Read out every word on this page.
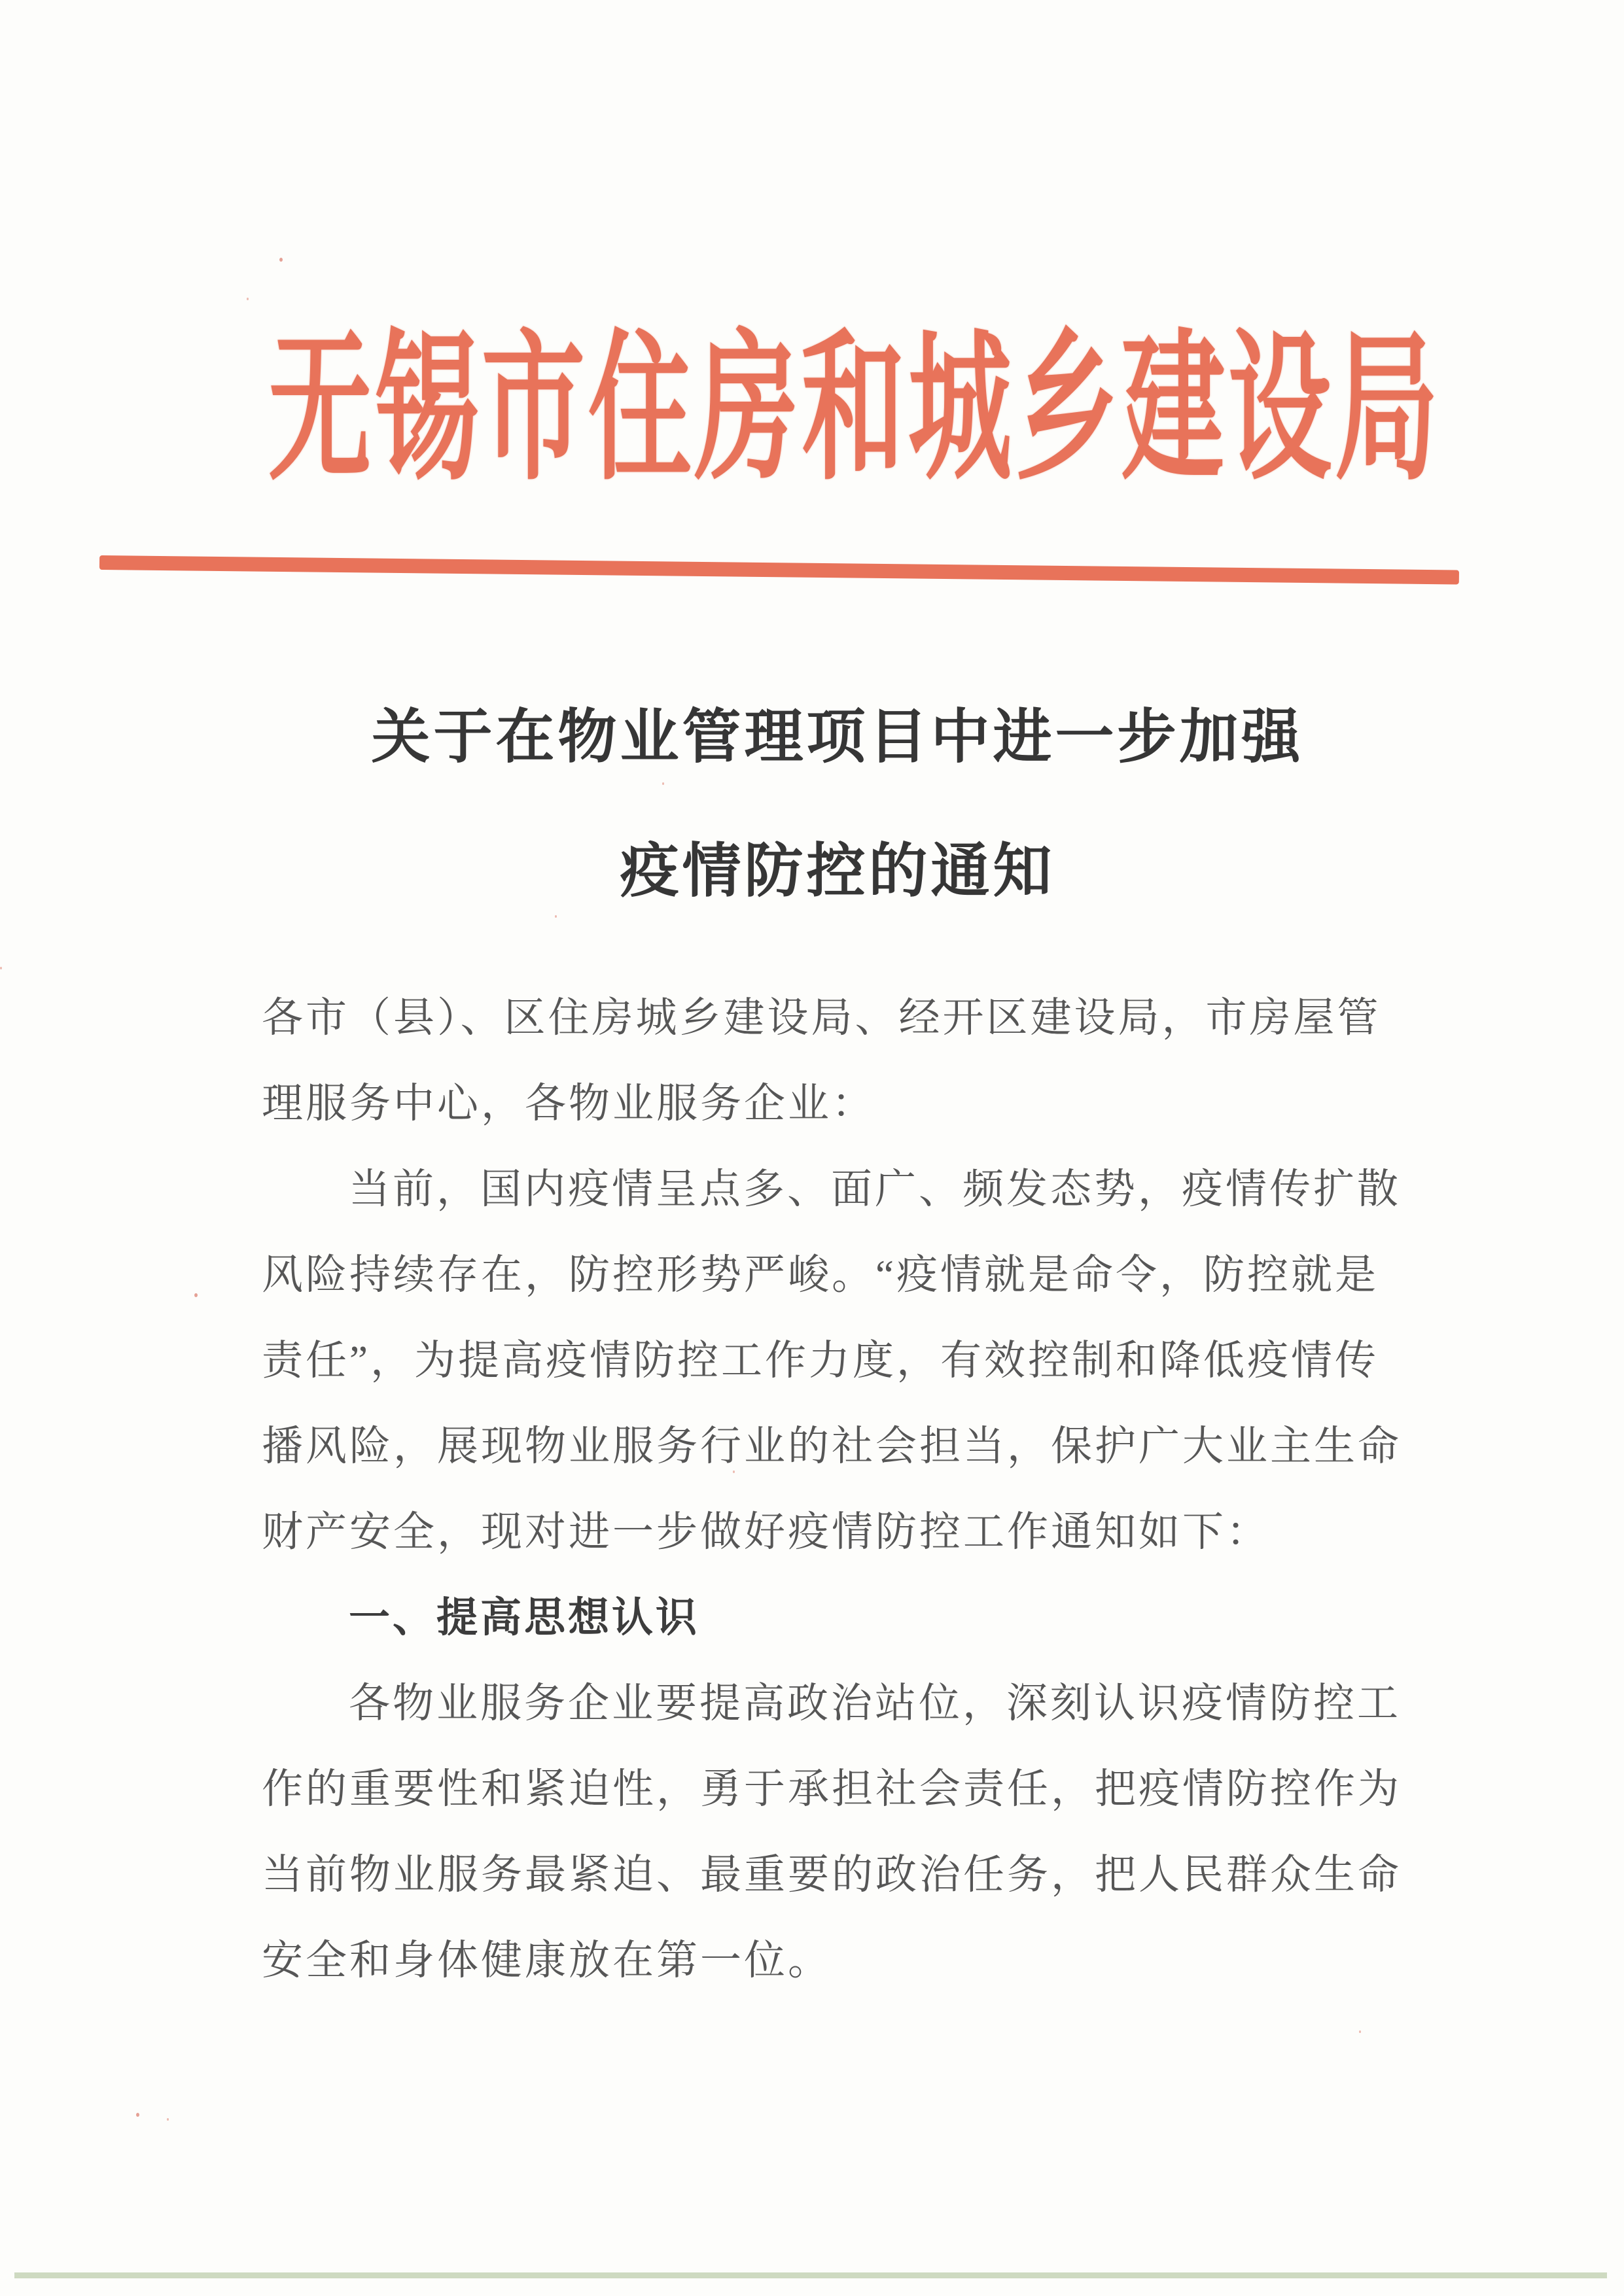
无锡市住房和城乡建设局
关于在物业管理项目中进一步加强
疫情防控的通知
各市（县）、区住房城乡建设局、经开区建设局，市房屋管
理服务中心，各物业服务企业：
当前，国内疫情呈点多、面广、频发态势，疫情传扩散
风险持续存在，防控形势严峻。“疫情就是命令，防控就是
责任”，为提高疫情防控工作力度，有效控制和降低疫情传
播风险，展现物业服务行业的社会担当，保护广大业主生命
财产安全，现对进一步做好疫情防控工作通知如下：
一、提高思想认识
各物业服务企业要提高政治站位，深刻认识疫情防控工
作的重要性和紧迫性，勇于承担社会责任，把疫情防控作为
当前物业服务最紧迫、最重要的政治任务，把人民群众生命
安全和身体健康放在第一位。
